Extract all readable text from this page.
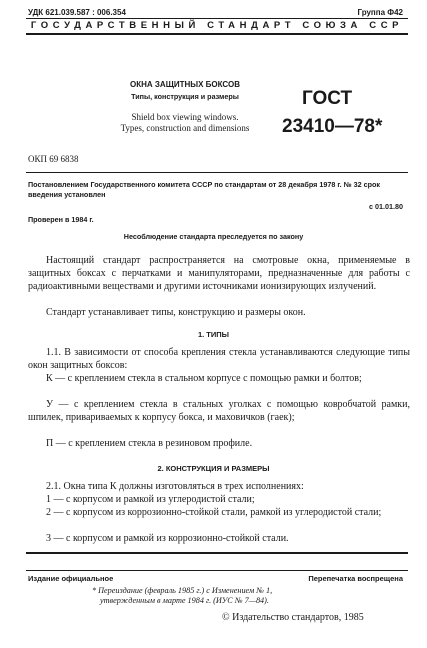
УДК 621.039.587 : 006.354	Группа Ф42
ГОСУДАРСТВЕННЫЙ СТАНДАРТ СОЮЗА ССР
ОКНА ЗАЩИТНЫХ БОКСОВ
Типы, конструкция и размеры
Shield box viewing windows.
Types, construction and dimensions
ГОСТ
23410—78*
ОКП 69 6838
Постановлением Государственного комитета СССР по стандартам от 28 декабря 1978 г. № 32 срок введения установлен
с 01.01.80
Проверен в 1984 г.
Несоблюдение стандарта преследуется по закону
Настоящий стандарт распространяется на смотровые окна, применяемые в защитных боксах с перчатками и манипуляторами, предназначенные для работы с радиоактивными веществами и другими источниками ионизирующих излучений.
Стандарт устанавливает типы, конструкцию и размеры окон.
1. ТИПЫ
1.1. В зависимости от способа крепления стекла устанавливаются следующие типы окон защитных боксов:
К — с креплением стекла в стальном корпусе с помощью рамки и болтов;
У — с креплением стекла в стальных уголках с помощью ковробчатой рамки, шпилек, привариваемых к корпусу бокса, и маховичков (гаек);
П — с креплением стекла в резиновом профиле.
2. КОНСТРУКЦИЯ И РАЗМЕРЫ
2.1. Окна типа К должны изготовляться в трех исполнениях:
1 — с корпусом и рамкой из углеродистой стали;
2 — с корпусом из коррозионно-стойкой стали, рамкой из углеродистой стали;
3 — с корпусом и рамкой из коррозионно-стойкой стали.
Издание официальное	Перепечатка воспрещена
* Переиздание (февраль 1985 г.) с Изменением № 1,
утвержденным в марте 1984 г. (ИУС № 7—84).
© Издательство стандартов, 1985
